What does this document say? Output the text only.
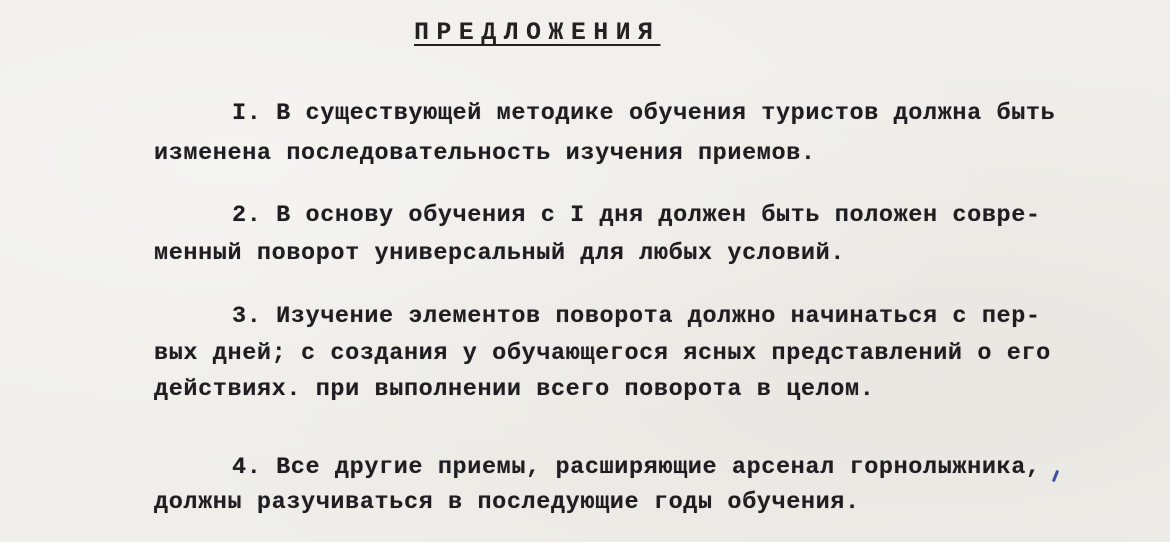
ПРЕДЛОЖЕНИЯ
I. В существующей методике обучения туристов должна быть
изменена последовательность изучения приемов.
2. В основу обучения с I дня должен быть положен совре-
менный поворот универсальный для любых условий.
3. Изучение элементов поворота должно начинаться с пер-
вых дней; с создания у обучающегося ясных представлений о его
действиях. при выполнении всего поворота в целом.
4. Все другие приемы, расширяющие арсенал горнолыжника,
должны разучиваться в последующие годы обучения.
